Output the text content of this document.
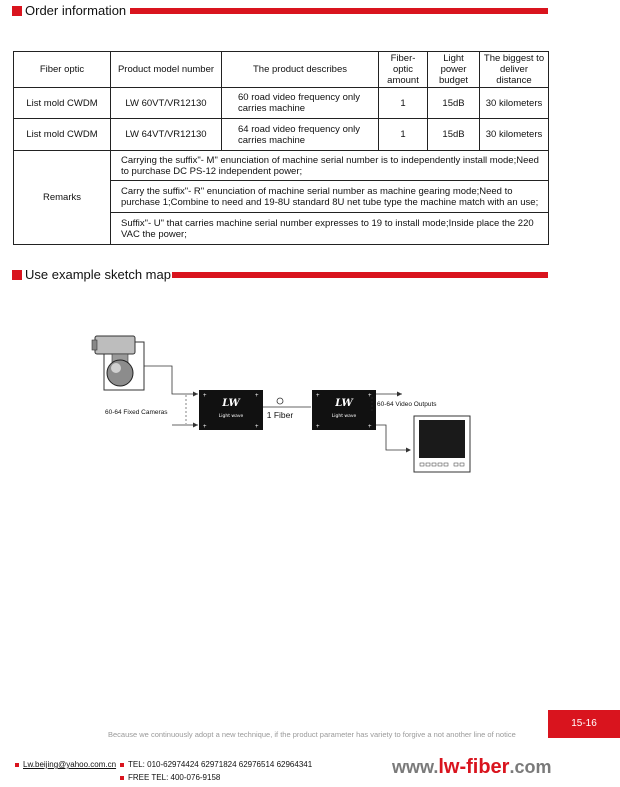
Order information
Fiber optic	Product model number	The product describes	Fiber-optic amount	Light power budget	The biggest to deliver distance
List mold CWDM	LW 60VT/VR12130	60 road video frequency only carries machine	1	15dB	30 kilometers
List mold CWDM	LW 64VT/VR12130	64 road video frequency only carries machine	1	15dB	30 kilometers
Remarks	Carrying the suffix"- M" enunciation of machine serial number is to independently install mode;Need to purchase DC PS-12 independent power;				
	Carry the suffix"- R" enunciation of machine serial number as machine gearing mode;Need to purchase 1;Combine to need and 19-8U standard 8U net tube type the machine match with an use;				
	Suffix"- U" that carries machine serial number expresses to 19 to install mode;Inside place the 220 VAC the power;				
Use example sketch map
LW
Light wave
+	+
+	+
1 Fiber
LW
Light wave
+	+
+	+
60-64 Fixed Cameras
60-64 Video Outputs
15-16
Because we continuously adopt a new technique, if the product parameter has variety to forgive a not another line of notice
Lw.beijing@yahoo.com.cn	TEL: 010-62974424 62971824 62976514 62964341
FREE TEL: 400-076-9158
www.lw-fiber.com
